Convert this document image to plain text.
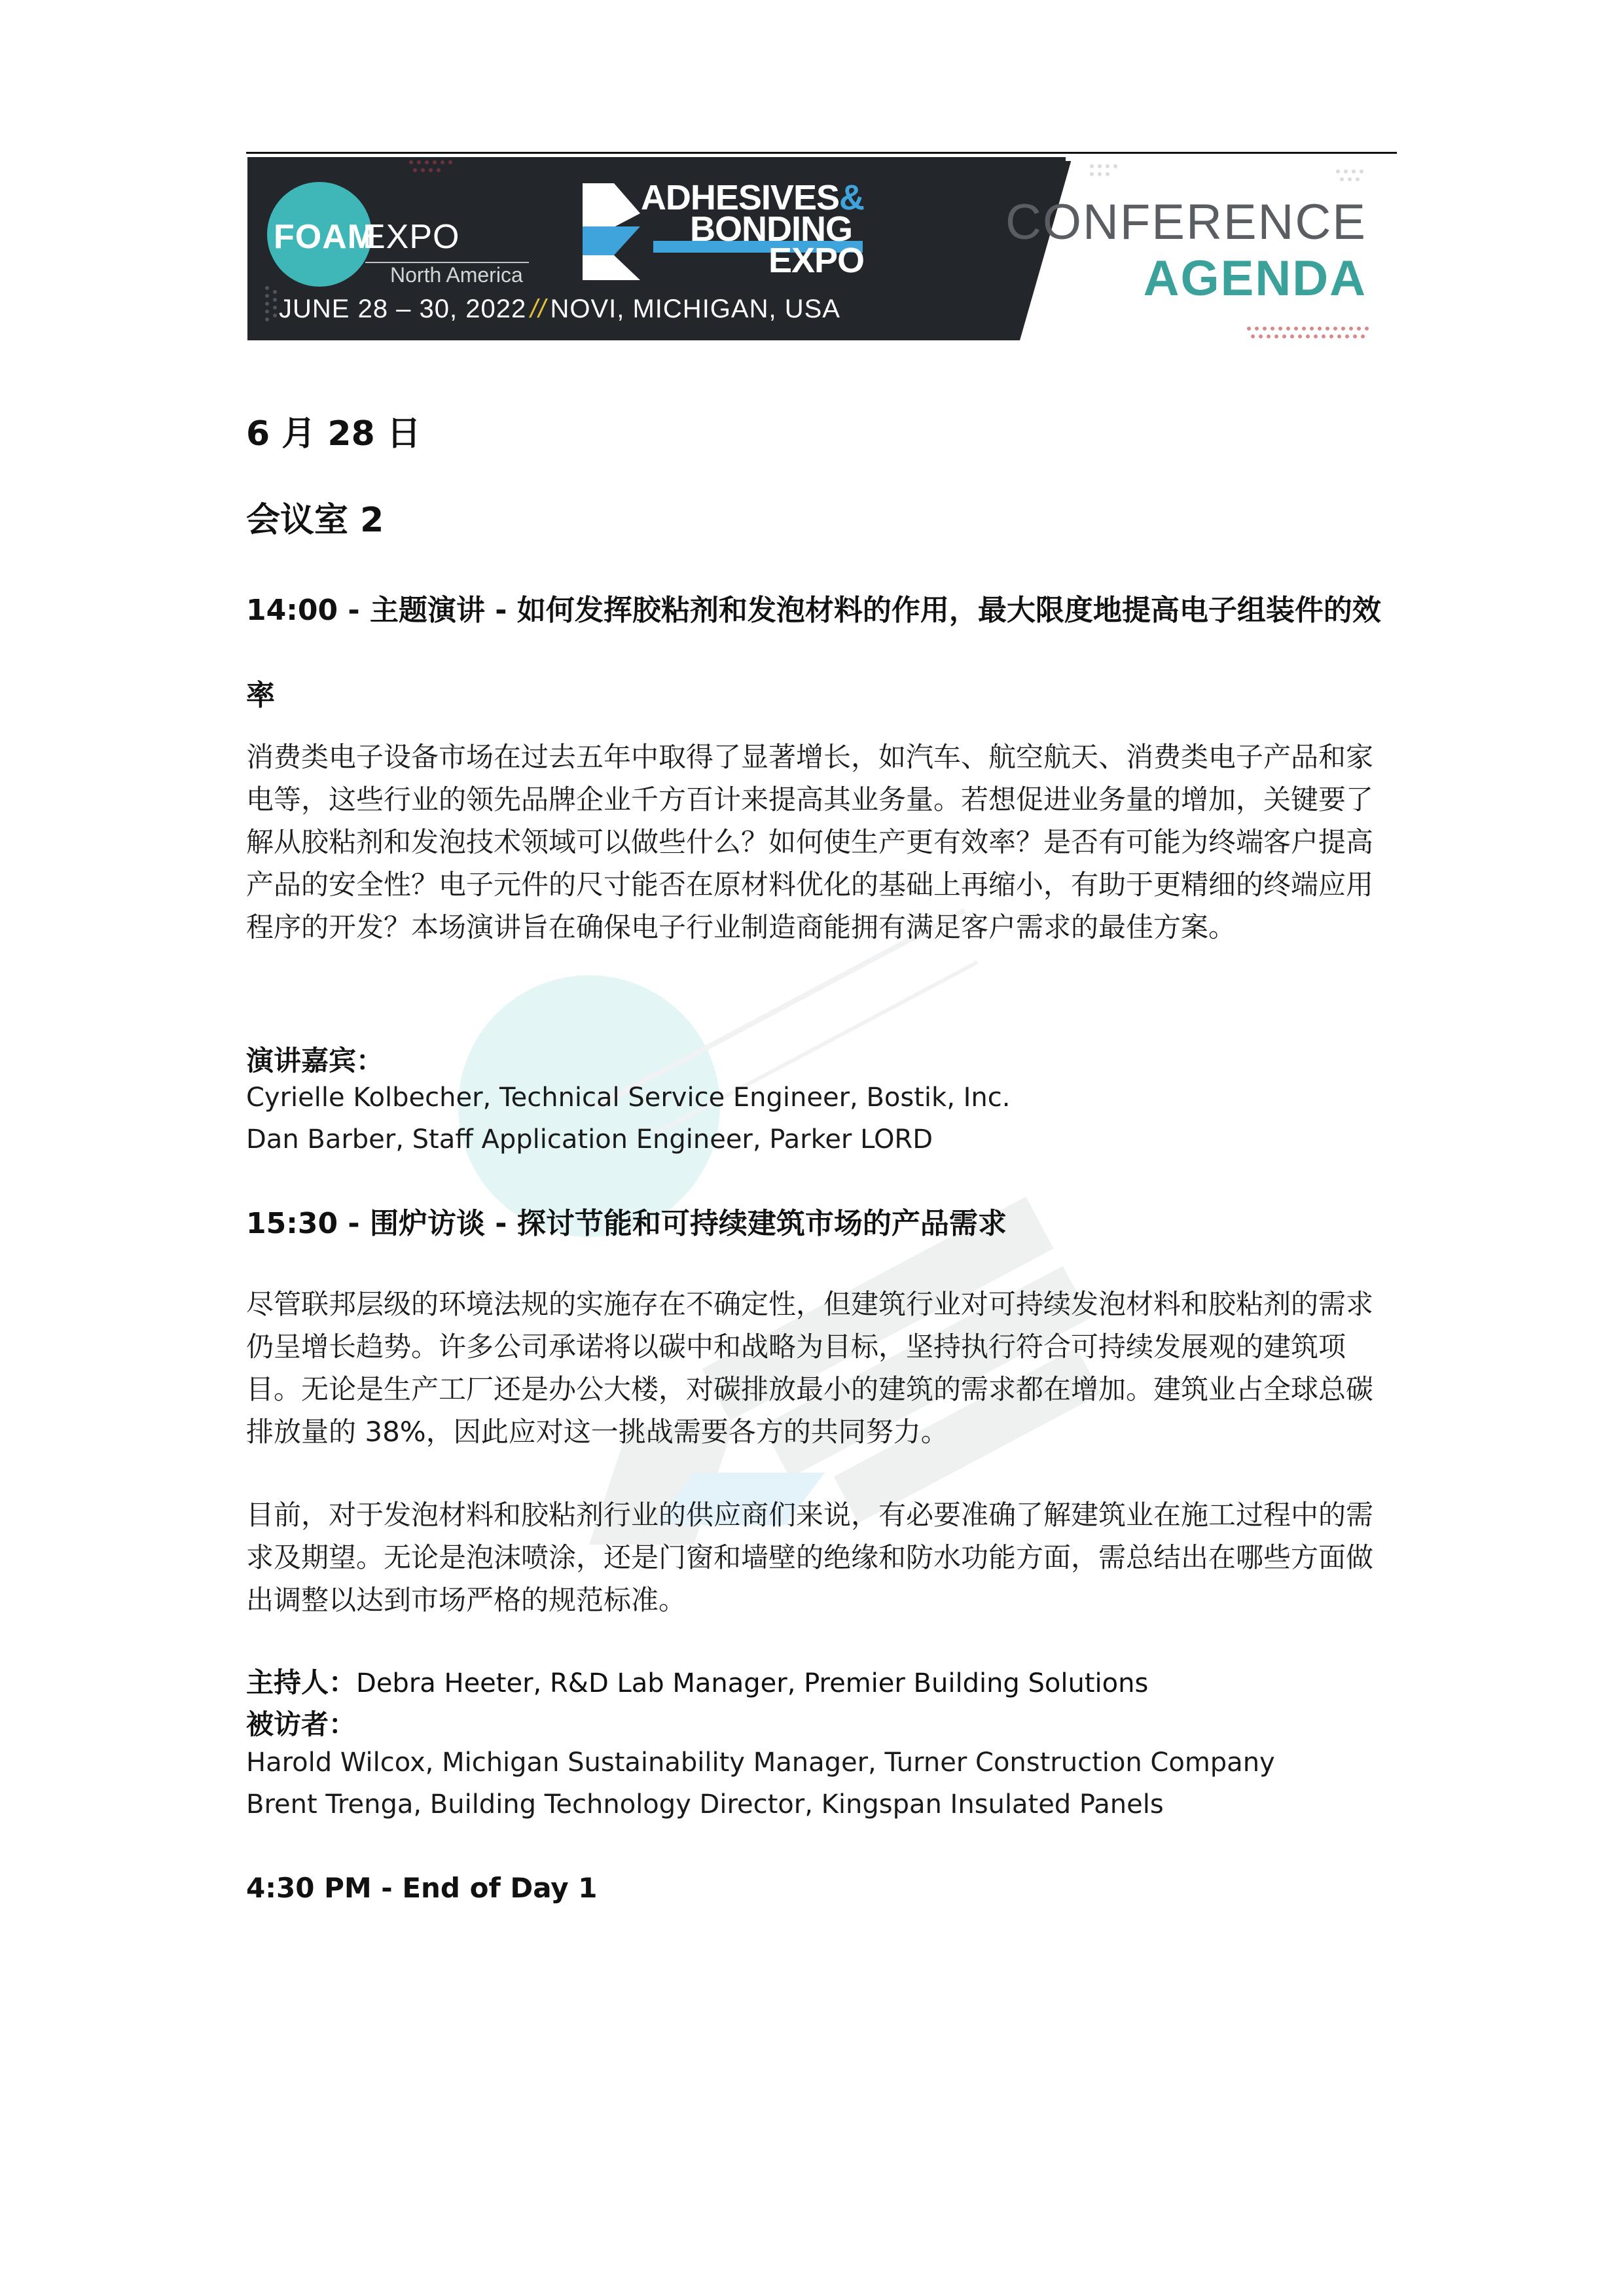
FOAM
EXPO
North America
ADHESIVES&
BONDING
EXPO
JUNE 28 – 30, 2022 // NOVI, MICHIGAN, USA
CONFERENCE
AGENDA
6 月 28 日
会议室 2
14:00 - 主题演讲 - 如何发挥胶粘剂和发泡材料的作用，最大限度地提高电子组装件的效率
消费类电子设备市场在过去五年中取得了显著增长，如汽车、航空航天、消费类电子产品和家电等，这些行业的领先品牌企业千方百计来提高其业务量。若想促进业务量的增加，关键要了解从胶粘剂和发泡技术领域可以做些什么？如何使生产更有效率？是否有可能为终端客户提高产品的安全性？电子元件的尺寸能否在原材料优化的基础上再缩小，有助于更精细的终端应用程序的开发？本场演讲旨在确保电子行业制造商能拥有满足客户需求的最佳方案。
演讲嘉宾：
Cyrielle Kolbecher, Technical Service Engineer, Bostik, Inc.
Dan Barber, Staff Application Engineer, Parker LORD
15:30 - 围炉访谈 - 探讨节能和可持续建筑市场的产品需求
尽管联邦层级的环境法规的实施存在不确定性，但建筑行业对可持续发泡材料和胶粘剂的需求仍呈增长趋势。许多公司承诺将以碳中和战略为目标，坚持执行符合可持续发展观的建筑项目。无论是生产工厂还是办公大楼，对碳排放最小的建筑的需求都在增加。建筑业占全球总碳排放量的 38%，因此应对这一挑战需要各方的共同努力。
目前，对于发泡材料和胶粘剂行业的供应商们来说，有必要准确了解建筑业在施工过程中的需求及期望。无论是泡沫喷涂，还是门窗和墙壁的绝缘和防水功能方面，需总结出在哪些方面做出调整以达到市场严格的规范标准。
主持人：Debra Heeter, R&D Lab Manager, Premier Building Solutions
被访者：
Harold Wilcox, Michigan Sustainability Manager, Turner Construction Company
Brent Trenga, Building Technology Director, Kingspan Insulated Panels
4:30 PM - End of Day 1
